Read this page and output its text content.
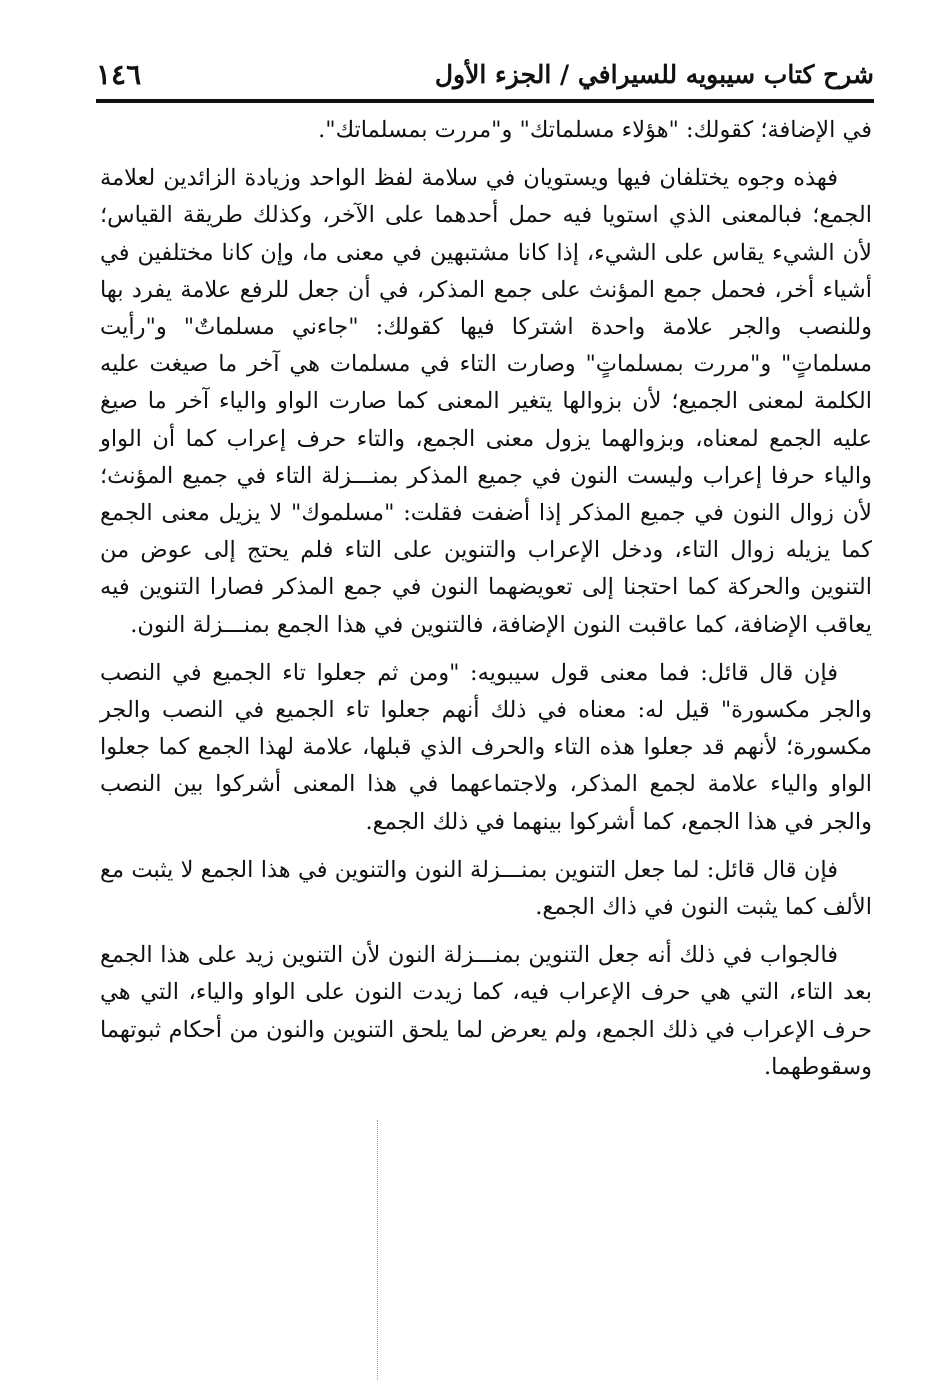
شرح كتاب سيبويه للسيرافي / الجزء الأول
١٤٦

في الإضافة؛ كقولك: "هؤلاء مسلماتك" و"مررت بمسلماتك".

فهذه وجوه يختلفان فيها ويستويان في سلامة لفظ الواحد وزيادة الزائدين لعلامة الجمع؛ فبالمعنى الذي استويا فيه حمل أحدهما على الآخر، وكذلك طريقة القياس؛ لأن الشيء يقاس على الشيء، إذا كانا مشتبهين في معنى ما، وإن كانا مختلفين في أشياء أخر، فحمل جمع المؤنث على جمع المذكر، في أن جعل للرفع علامة يفرد بها وللنصب والجر علامة واحدة اشتركا فيها كقولك: "جاءني مسلماتٌ" و"رأيت مسلماتٍ" و"مررت بمسلماتٍ" وصارت التاء في مسلمات هي آخر ما صيغت عليه الكلمة لمعنى الجميع؛ لأن بزوالها يتغير المعنى كما صارت الواو والياء آخر ما صيغ عليه الجمع لمعناه، وبزوالهما يزول معنى الجمع، والتاء حرف إعراب كما أن الواو والياء حرفا إعراب وليست النون في جميع المذكر بمنـــزلة التاء في جميع المؤنث؛ لأن زوال النون في جميع المذكر إذا أضفت فقلت: "مسلموك" لا يزيل معنى الجمع كما يزيله زوال التاء، ودخل الإعراب والتنوين على التاء فلم يحتج إلى عوض من التنوين والحركة كما احتجنا إلى تعويضهما النون في جمع المذكر فصارا التنوين فيه يعاقب الإضافة، كما عاقبت النون الإضافة، فالتنوين في هذا الجمع بمنـــزلة النون.

فإن قال قائل: فما معنى قول سيبويه: "ومن ثم جعلوا تاء الجميع في النصب والجر مكسورة" قيل له: معناه في ذلك أنهم جعلوا تاء الجميع في النصب والجر مكسورة؛ لأنهم قد جعلوا هذه التاء والحرف الذي قبلها، علامة لهذا الجمع كما جعلوا الواو والياء علامة لجمع المذكر، ولاجتماعهما في هذا المعنى أشركوا بين النصب والجر في هذا الجمع، كما أشركوا بينهما في ذلك الجمع.

فإن قال قائل: لما جعل التنوين بمنـــزلة النون والتنوين في هذا الجمع لا يثبت مع الألف كما يثبت النون في ذاك الجمع.

فالجواب في ذلك أنه جعل التنوين بمنـــزلة النون لأن التنوين زيد على هذا الجمع بعد التاء، التي هي حرف الإعراب فيه، كما زيدت النون على الواو والياء، التي هي حرف الإعراب في ذلك الجمع، ولم يعرض لما يلحق التنوين والنون من أحكام ثبوتهما وسقوطهما.
